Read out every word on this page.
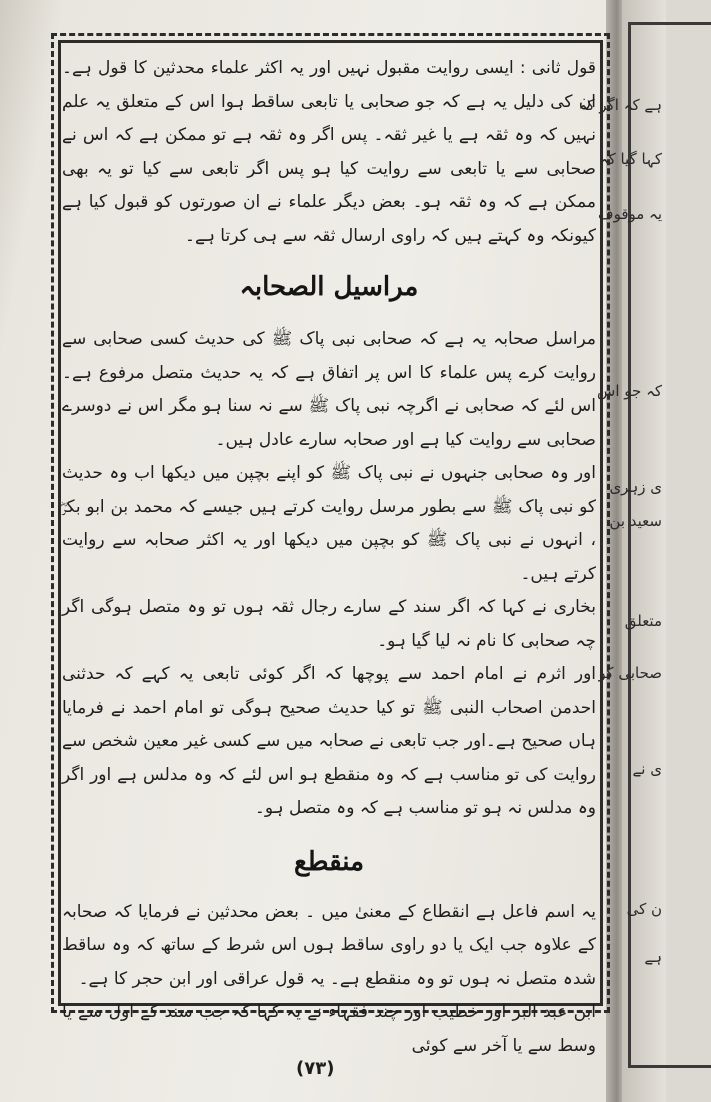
ہے کہ اگر کہ
کہا گیا کہ
یہ موقوف
کہ جو اس
ی زہری
سعید بن
متعلق
صحابی کو
ی نے
ن کی
ہے

قول ثانی : ایسی روایت مقبول نہیں اور یہ اکثر علماء محدثین کا قول ہے۔ان کی دلیل یہ ہے کہ جو صحابی یا تابعی ساقط ہوا اس کے متعلق یہ علم نہیں کہ وہ ثقہ ہے یا غیر ثقہ۔ پس اگر وہ ثقہ ہے تو ممکن ہے کہ اس نے صحابی سے یا تابعی سے روایت کیا ہو پس اگر تابعی سے کیا تو یہ بھی ممکن ہے کہ وہ ثقہ ہو۔ بعض دیگر علماء نے ان صورتوں کو قبول کیا ہے کیونکہ وہ کہتے ہیں کہ راوی ارسال ثقہ سے ہی کرتا ہے۔

مراسیل الصحابہ

مراسل صحابہ یہ ہے کہ صحابی نبی پاک ﷺ کی حدیث کسی صحابی سے روایت کرے پس علماء کا اس پر اتفاق ہے کہ یہ حدیث متصل مرفوع ہے۔اس لئے کہ صحابی نے اگرچہ نبی پاک ﷺ سے نہ سنا ہو مگر اس نے دوسرے صحابی سے روایت کیا ہے اور صحابہ سارے عادل ہیں۔

اور وہ صحابی جنہوں نے نبی پاک ﷺ کو اپنے بچپن میں دیکھا اب وہ حدیث کو نبی پاک ﷺ سے بطور مرسل روایت کرتے ہیں جیسے کہ محمد بن ابو بکرؓ ، انہوں نے نبی پاک ﷺ کو بچپن میں دیکھا اور یہ اکثر صحابہ سے روایت کرتے ہیں۔

بخاری نے کہا کہ اگر سند کے سارے رجال ثقہ ہوں تو وہ متصل ہوگی اگر چہ صحابی کا نام نہ لیا گیا ہو۔

اور اثرم نے امام احمد سے پوچھا کہ اگر کوئی تابعی یہ کہے کہ حدثنی احدمن اصحاب النبی ﷺ تو کیا حدیث صحیح ہوگی تو امام احمد نے فرمایا ہاں صحیح ہے۔اور جب تابعی نے صحابہ میں سے کسی غیر معین شخص سے روایت کی تو مناسب ہے کہ وہ منقطع ہو اس لئے کہ وہ مدلس ہے اور اگر وہ مدلس نہ ہو تو مناسب ہے کہ وہ متصل ہو۔

منقطع

یہ اسم فاعل ہے انقطاع کے معنیٰ میں ۔ بعض محدثین نے فرمایا کہ صحابہ کے علاوہ جب ایک یا دو راوی ساقط ہوں اس شرط کے ساتھ کہ وہ ساقط شدہ متصل نہ ہوں تو وہ منقطع ہے۔ یہ قول عراقی اور ابن حجر کا ہے۔

ابن عبد البر اور خطیب اور چند فقہاء نے یہ کہا کہ جب سند کے اول سے یا وسط سے یا آخر سے کوئی

(۷۳)
